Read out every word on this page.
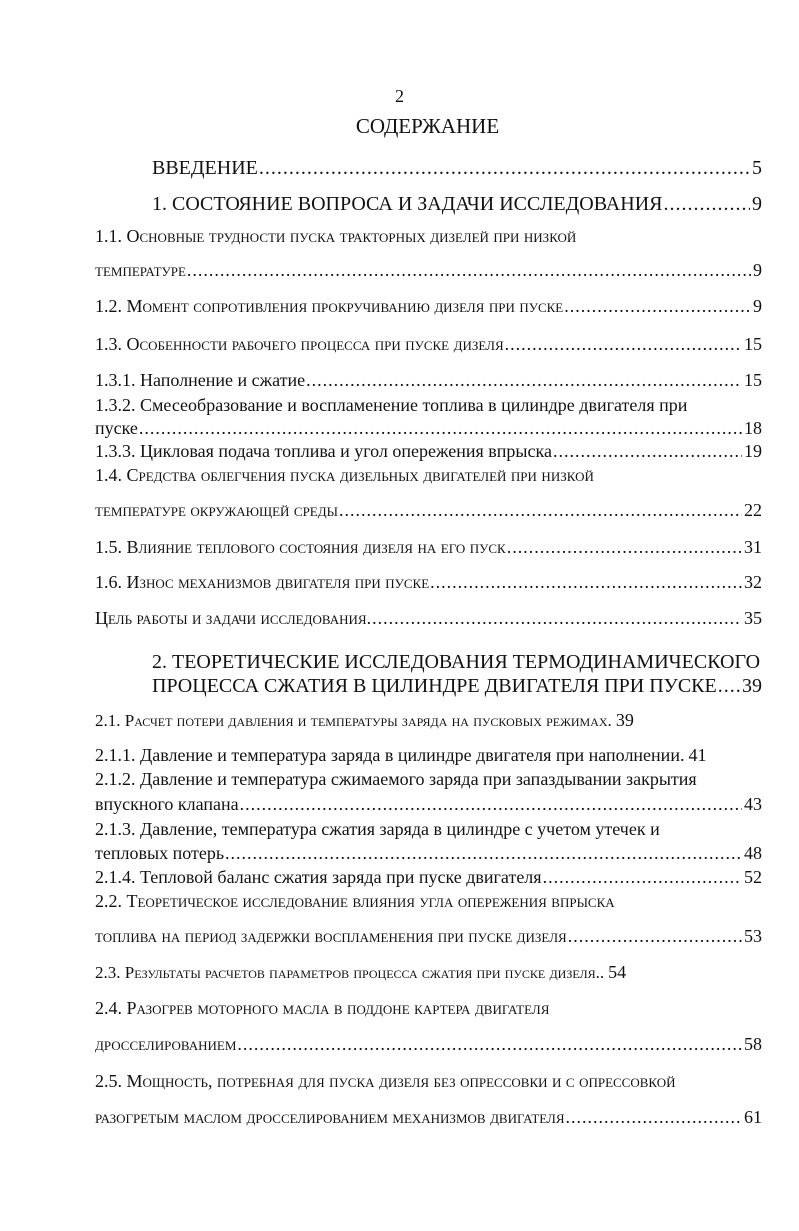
2
СОДЕРЖАНИЕ
ВВЕДЕНИЕ .....	5
1. СОСТОЯНИЕ ВОПРОСА И ЗАДАЧИ ИССЛЕДОВАНИЯ .....	9
1.1. Основные трудности пуска тракторных дизелей при низкой
температуре .....	9
1.2. Момент сопротивления прокручиванию дизеля при пуске .....	9
1.3. Особенности рабочего процесса при пуске дизеля .....	15
1.3.1. Наполнение и сжатие .....	15
1.3.2. Смесеобразование и воспламенение топлива в цилиндре двигателя при
пуске .....	18
1.3.3. Цикловая подача топлива и угол опережения впрыска .....	19
1.4. Средства облегчения пуска дизельных двигателей при низкой
температуре окружающей среды .....	22
1.5. Влияние теплового состояния дизеля на его пуск .....	31
1.6. Износ механизмов двигателя при пуске .....	32
Цель работы и задачи исследования. .....	35
2. ТЕОРЕТИЧЕСКИЕ ИССЛЕДОВАНИЯ ТЕРМОДИНАМИЧЕСКОГО
ПРОЦЕССА СЖАТИЯ В ЦИЛИНДРЕ ДВИГАТЕЛЯ ПРИ ПУСКЕ ..... 39
2.1. Расчет потери давления и температуры заряда на пусковых режимах. 39
2.1.1. Давление и температура заряда в цилиндре двигателя при наполнении. 41
2.1.2. Давление и температура сжимаемого заряда при запаздывании закрытия
впускного клапана .....	43
2.1.3. Давление, температура сжатия заряда в цилиндре с учетом утечек и
тепловых потерь .....	48
2.1.4. Тепловой баланс сжатия заряда при пуске двигателя .....	52
2.2. Теоретическое исследование влияния угла опережения впрыска
топлива на период задержки воспламенения при пуске дизеля .....	53
2.3. Результаты расчетов параметров процесса сжатия при пуске дизеля.. 54
2.4. Разогрев моторного масла в поддоне картера двигателя
дросселированием .....	58
2.5. Мощность, потребная для пуска дизеля без опрессовки и с опрессовкой
разогретым маслом дросселированием механизмов двигателя .....	61
